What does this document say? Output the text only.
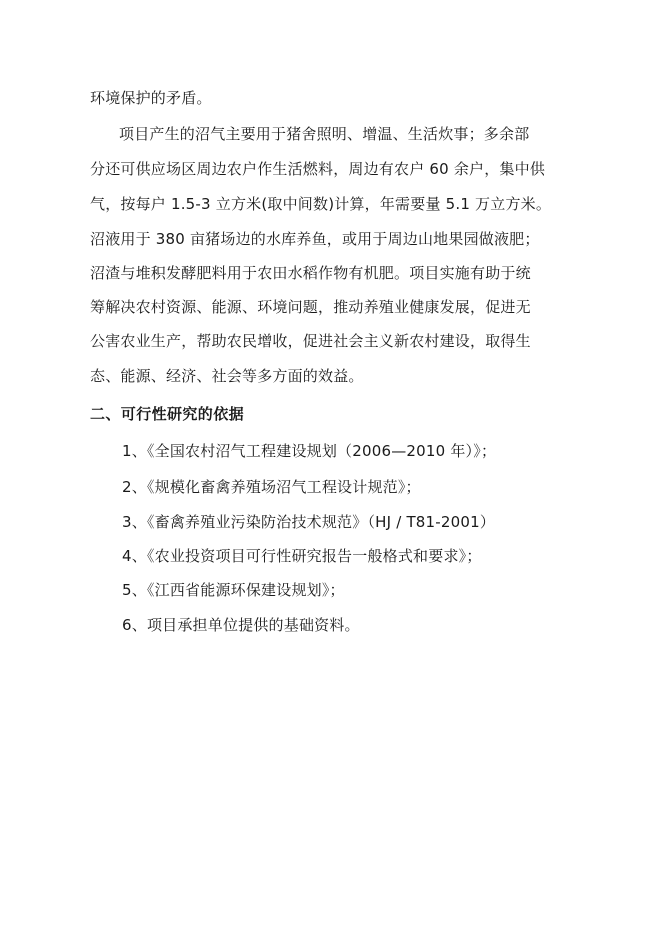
环境保护的矛盾。
项目产生的沼气主要用于猪舍照明、增温、生活炊事；多余部
分还可供应场区周边农户作生活燃料，周边有农户 60 余户，集中供
气，按每户 1.5-3 立方米(取中间数)计算，年需要量 5.1 万立方米。
沼液用于 380 亩猪场边的水库养鱼，或用于周边山地果园做液肥；
沼渣与堆积发酵肥料用于农田水稻作物有机肥。项目实施有助于统
筹解决农村资源、能源、环境问题，推动养殖业健康发展，促进无
公害农业生产，帮助农民增收，促进社会主义新农村建设，取得生
态、能源、经济、社会等多方面的效益。
二、可行性研究的依据
1、《全国农村沼气工程建设规划（2006—2010 年）》；
2、《规模化畜禽养殖场沼气工程设计规范》；
3、《畜禽养殖业污染防治技术规范》（HJ / T81-2001）
4、《农业投资项目可行性研究报告一般格式和要求》；
5、《江西省能源环保建设规划》；
6、项目承担单位提供的基础资料。
